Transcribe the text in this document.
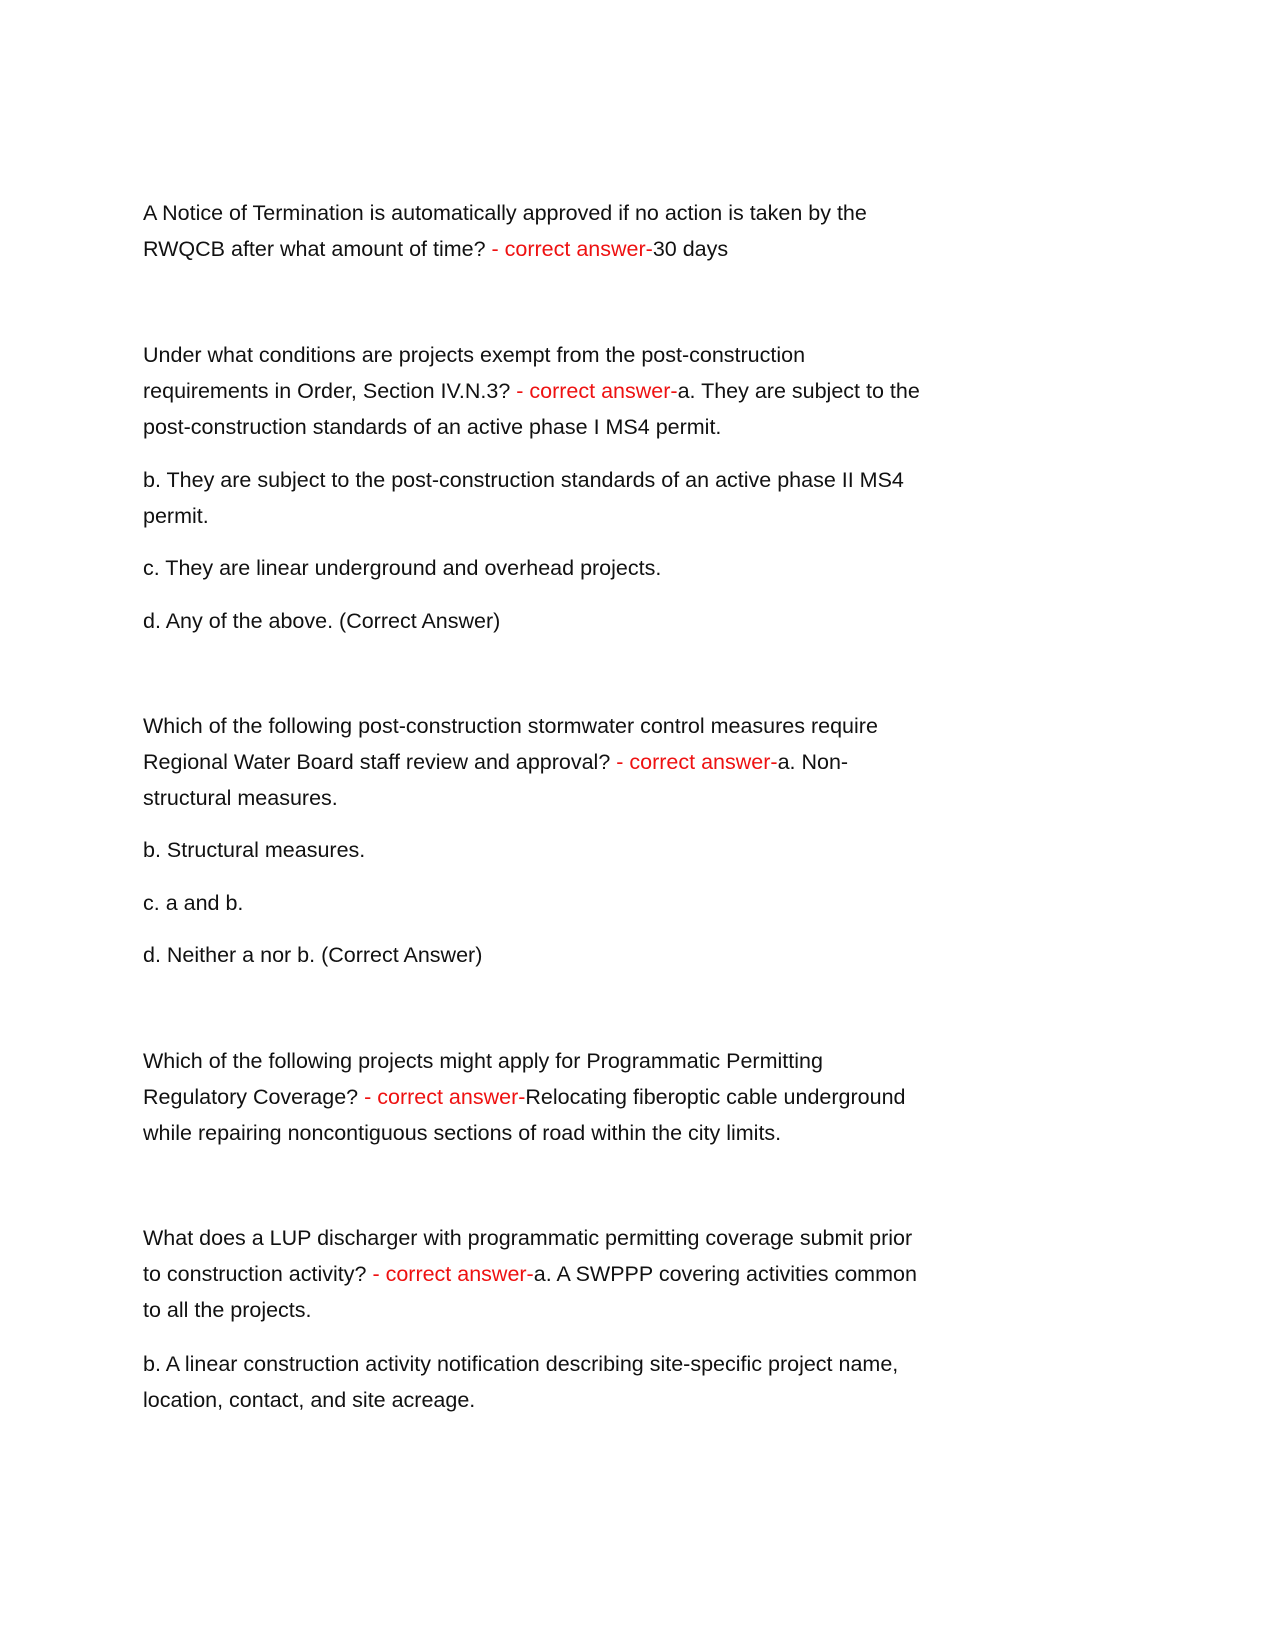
A Notice of Termination is automatically approved if no action is taken by the
RWQCB after what amount of time? - correct answer-30 days
Under what conditions are projects exempt from the post-construction
requirements in Order, Section IV.N.3? - correct answer-a. They are subject to the
post-construction standards of an active phase I MS4 permit.
b. They are subject to the post-construction standards of an active phase II MS4
permit.
c. They are linear underground and overhead projects.
d. Any of the above. (Correct Answer)
Which of the following post-construction stormwater control measures require
Regional Water Board staff review and approval? - correct answer-a. Non-
structural measures.
b. Structural measures.
c. a and b.
d. Neither a nor b. (Correct Answer)
Which of the following projects might apply for Programmatic Permitting
Regulatory Coverage? - correct answer-Relocating fiberoptic cable underground
while repairing noncontiguous sections of road within the city limits.
What does a LUP discharger with programmatic permitting coverage submit prior
to construction activity? - correct answer-a. A SWPPP covering activities common
to all the projects.
b. A linear construction activity notification describing site-specific project name,
location, contact, and site acreage.
